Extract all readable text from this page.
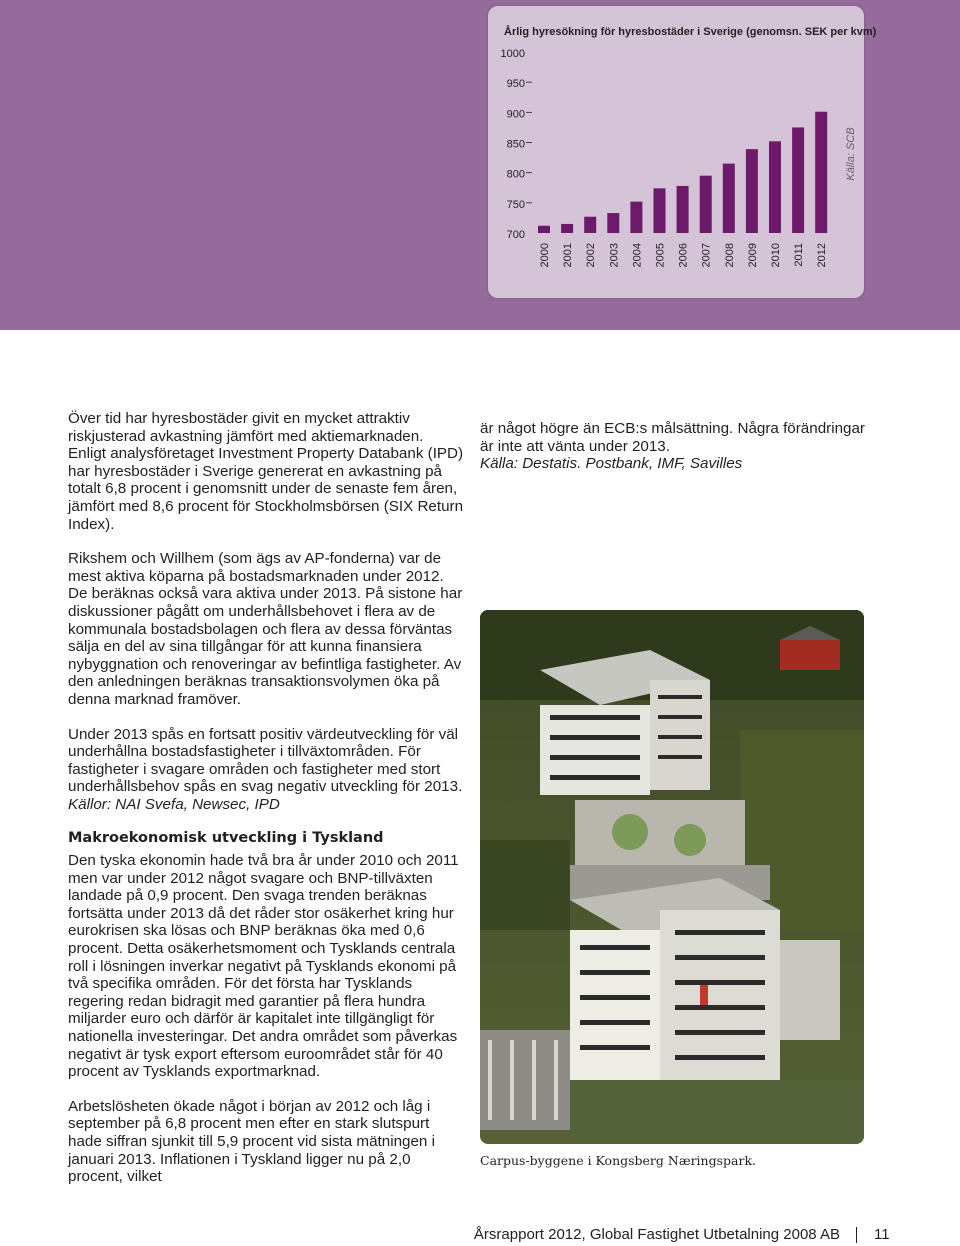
Årlig hyresökning för hyresbostäder i Sverige (genomsn. SEK per kvm)
1000
950
900
850
800
750
700
2000 2001 2002 2003 2004 2005 2006 2007 2008 2009 2010 2011 2012
Källa: SCB

Över tid har hyresbostäder givit en mycket attraktiv riskjusterad avkastning jämfört med aktiemarknaden. Enligt analysföretaget Investment Property Databank (IPD) har hyresbostäder i Sverige genererat en avkastning på totalt 6,8 procent i genomsnitt under de senaste fem åren, jämfört med 8,6 procent för Stockholmsbörsen (SIX Return Index).

Rikshem och Willhem (som ägs av AP-fonderna) var de mest aktiva köparna på bostadsmarknaden under 2012. De beräknas också vara aktiva under 2013. På sistone har diskussioner pågått om underhållsbehovet i flera av de kommunala bostadsbolagen och flera av dessa förväntas sälja en del av sina tillgångar för att kunna finansiera nybyggnation och renoveringar av befintliga fastigheter. Av den anledningen beräknas transaktionsvolymen öka på denna marknad framöver.

Under 2013 spås en fortsatt positiv värdeutveckling för väl underhållna bostadsfastigheter i tillväxtområden. För fastigheter i svagare områden och fastigheter med stort underhållsbehov spås en svag negativ utveckling för 2013.
Källor: NAI Svefa, Newsec, IPD

Makroekonomisk utveckling i Tyskland

Den tyska ekonomin hade två bra år under 2010 och 2011 men var under 2012 något svagare och BNP-tillväxten landade på 0,9 procent. Den svaga trenden beräknas fortsätta under 2013 då det råder stor osäkerhet kring hur eurokrisen ska lösas och BNP beräknas öka med 0,6 procent. Detta osäkerhetsmoment och Tysklands centrala roll i lösningen inverkar negativt på Tysklands ekonomi på två specifika områden. För det första har Tysklands regering redan bidragit med garantier på flera hundra miljarder euro och därför är kapitalet inte tillgängligt för nationella investeringar. Det andra området som påverkas negativt är tysk export eftersom euroområdet står för 40 procent av Tysklands exportmarknad.

Arbetslösheten ökade något i början av 2012 och låg i september på 6,8 procent men efter en stark slutspurt hade siffran sjunkit till 5,9 procent vid sista mätningen i januari 2013. Inflationen i Tyskland ligger nu på 2,0 procent, vilket

är något högre än ECB:s målsättning. Några förändringar är inte att vänta under 2013.

Källa: Destatis. Postbank, IMF, Savilles
Carpus-byggene i Kongsberg Næringspark.
Årsrapport 2012, Global Fastighet Utbetalning 2008 AB 11
